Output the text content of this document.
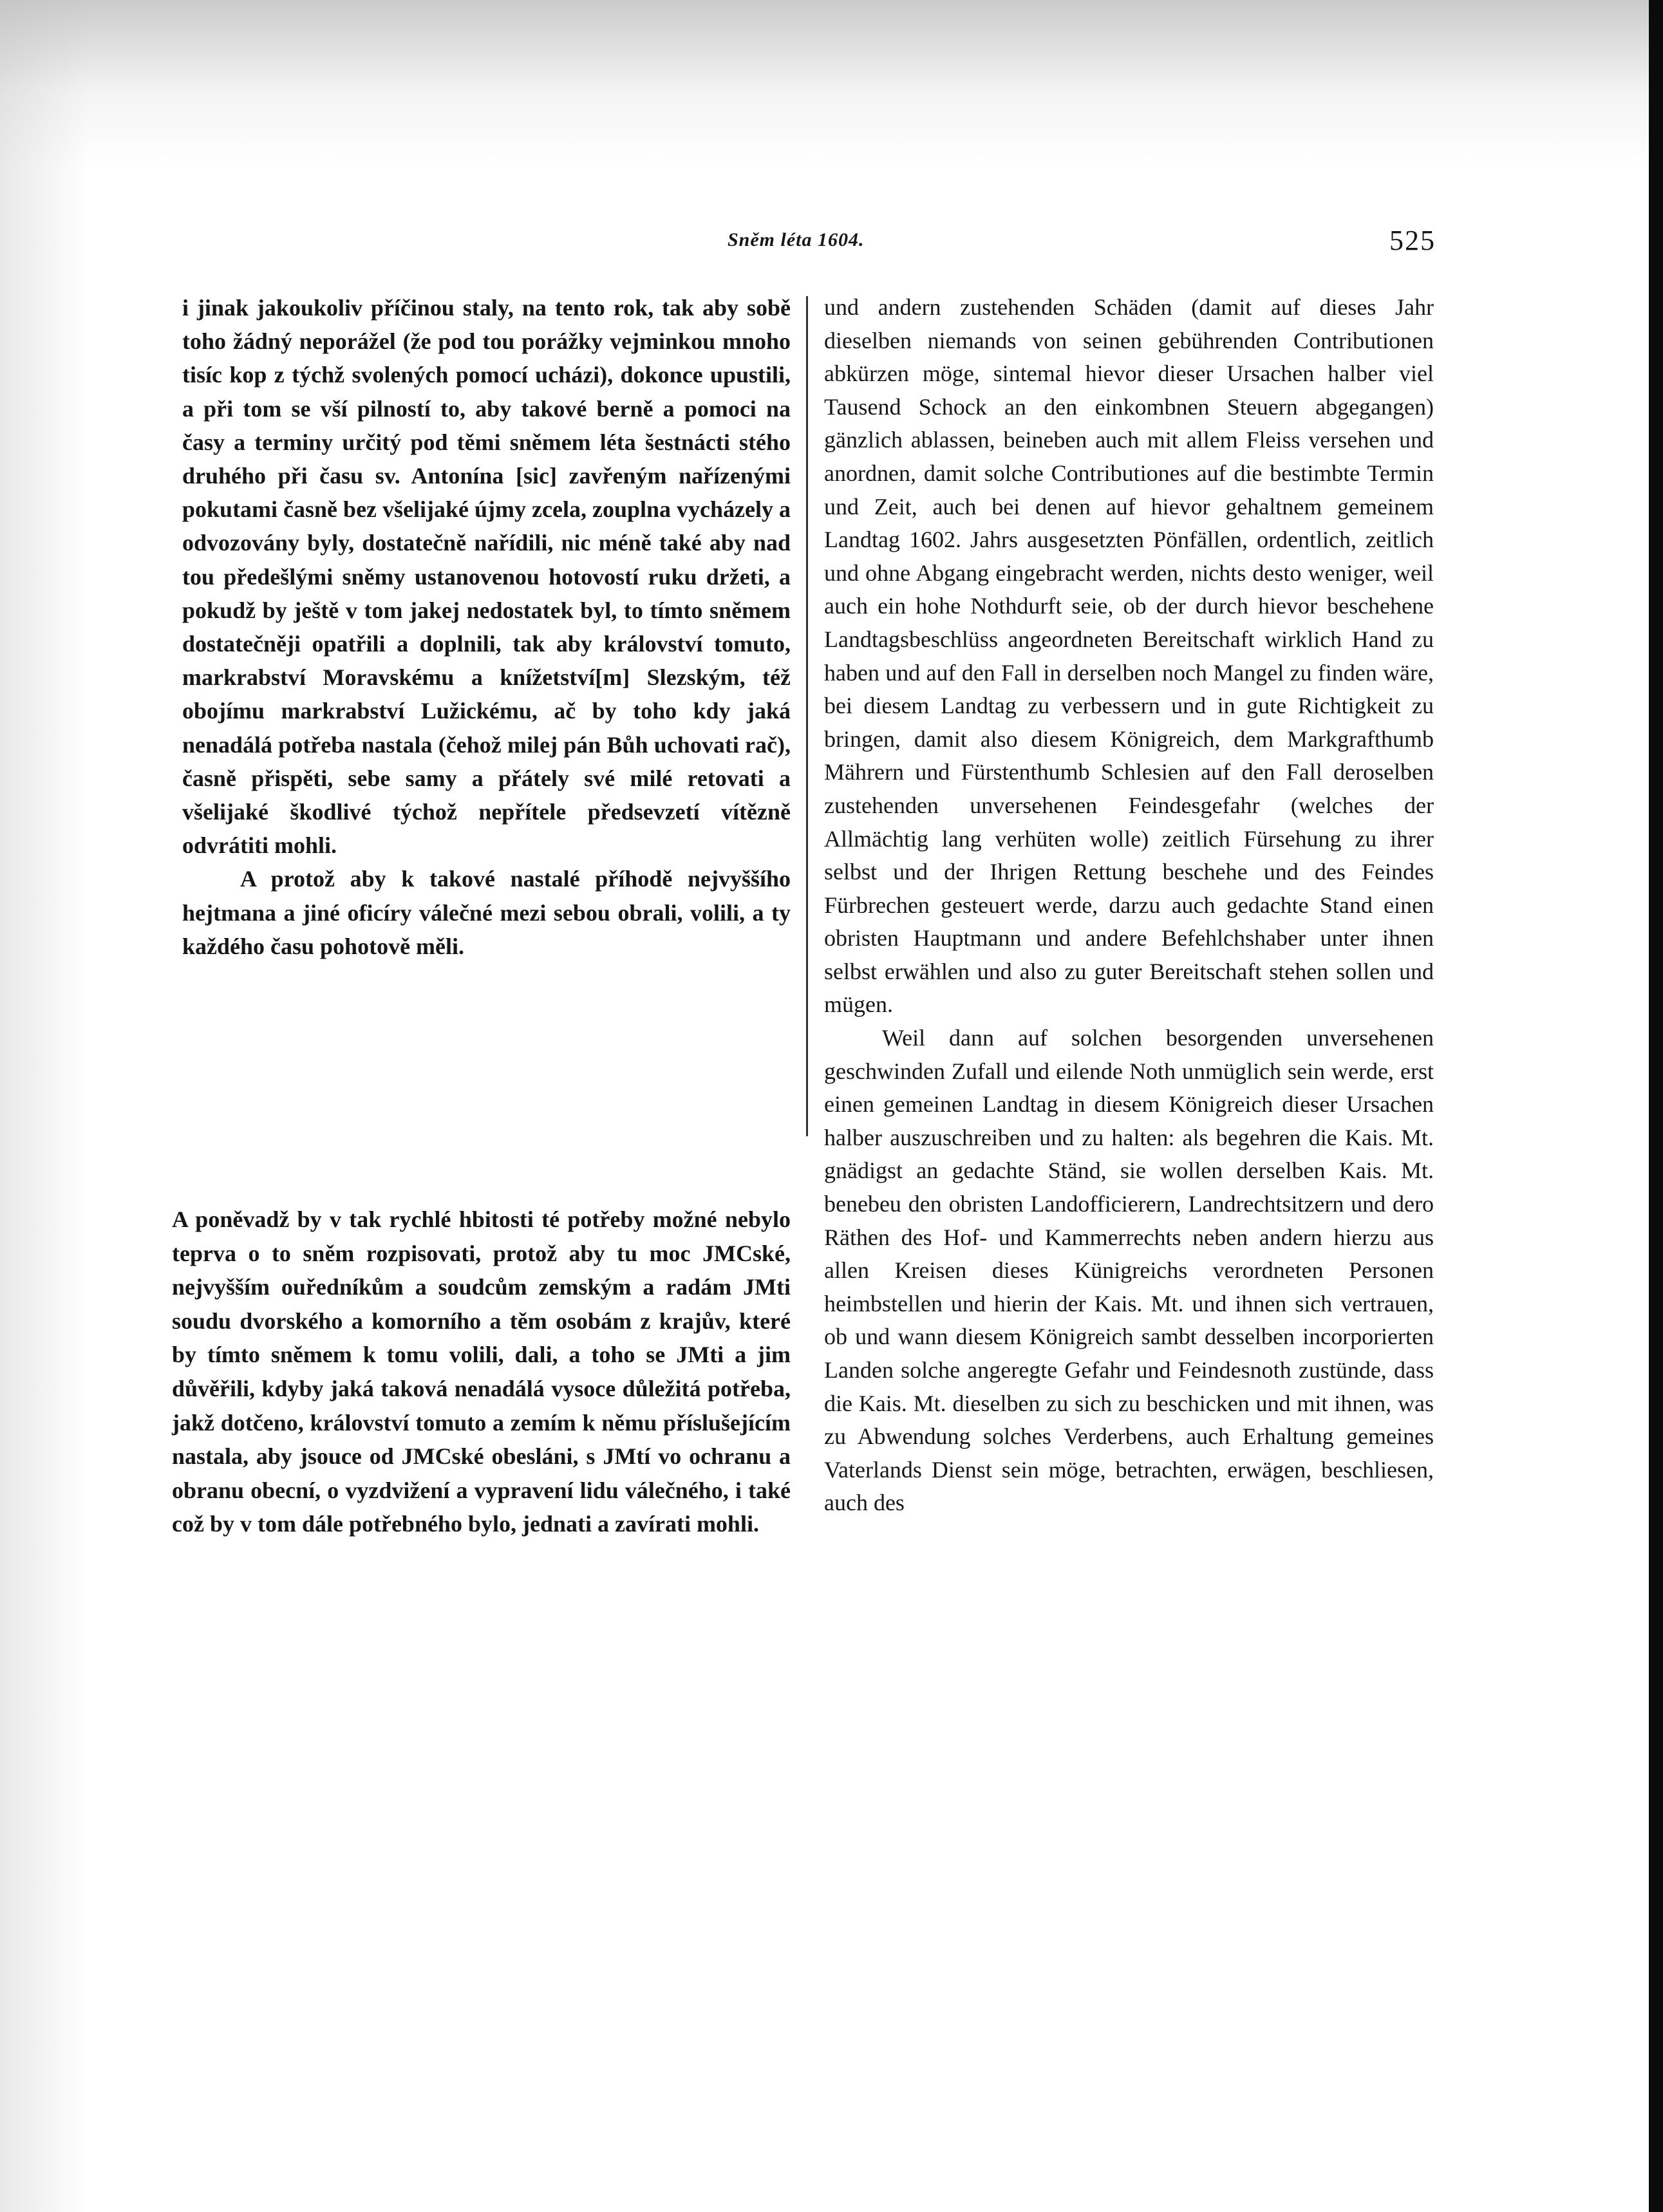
Sněm léta 1604.	525

i jinak jakoukoliv příčinou staly, na tento rok, tak aby sobě toho žádný neporážel (že pod tou porážky vejminkou mnoho tisíc kop z týchž svolených pomocí ucházi), dokonce upustili, a při tom se vší pilností to, aby takové berně a pomoci na časy a terminy určitý pod těmi sněmem léta šestnácti stého druhého při času sv. Antonína [sic] zavřeným nařízenými pokutami časně bez všelijaké újmy zcela, zouplna vycházely a odvozovány byly, dostatečně nařídili, nic méně také aby nad tou předešlými sněmy ustanovenou hotovostí ruku držeti, a pokudž by ještě v tom jakej nedostatek byl, to tímto sněmem dostatečněji opatřili a doplnili, tak aby království tomuto, markrabství Moravskému a knížetství[m] Slezským, též obojímu markrabství Lužickému, ač by toho kdy jaká nenadálá potřeba nastala (čehož milej pán Bůh uchovati rač), časně přispěti, sebe samy a přátely své milé retovati a všelijaké škodlivé týchož nepřítele předsevzetí vítězně odvrátiti mohli.

A protož aby k takové nastalé příhodě nejvyššího hejtmana a jiné oficíry válečné mezi sebou obrali, volili, a ty každého času pohotově měli.

A poněvadž by v tak rychlé hbitosti té potřeby možné nebylo teprva o to sněm rozpisovati, protož aby tu moc JMCské, nejvyšším ouředníkům a soudcům zemským a radám JMti soudu dvorského a komorního a těm osobám z krajův, které by tímto sněmem k tomu volili, dali, a toho se JMti a jim důvěřili, kdyby jaká taková nenadálá vysoce důležitá potřeba, jakž dotčeno, království tomuto a zemím k němu příslušejícím nastala, aby jsouce od JMCské obesláni, s JMtí vo ochranu a obranu obecní, o vyzdvižení a vypravení lidu válečného, i také což by v tom dále potřebného bylo, jednati a zavírati mohli.

und andern zustehenden Schäden (damit auf dieses Jahr dieselben niemands von seinen gebührenden Contributionen abkürzen möge, sintemal hievor dieser Ursachen halber viel Tausend Schock an den einkombnen Steuern abgegangen) gänzlich ablassen, beineben auch mit allem Fleiss versehen und anordnen, damit solche Contributiones auf die bestimbte Termin und Zeit, auch bei denen auf hievor gehaltnem gemeinem Landtag 1602. Jahrs ausgesetzten Pönfällen, ordentlich, zeitlich und ohne Abgang eingebracht werden, nichts desto weniger, weil auch ein hohe Nothdurft seie, ob der durch hievor beschehene Landtagsbeschlüss angeordneten Bereitschaft wirklich Hand zu haben und auf den Fall in derselben noch Mangel zu finden wäre, bei diesem Landtag zu verbessern und in gute Richtigkeit zu bringen, damit also diesem Königreich, dem Markgrafthumb Mährern und Fürstenthumb Schlesien auf den Fall deroselben zustehenden unversehenen Feindesgefahr (welches der Allmächtig lang verhüten wolle) zeitlich Fürsehung zu ihrer selbst und der Ihrigen Rettung beschehe und des Feindes Fürbrechen gesteuert werde, darzu auch gedachte Stand einen obristen Hauptmann und andere Befehlchshaber unter ihnen selbst erwählen und also zu guter Bereitschaft stehen sollen und mügen.

Weil dann auf solchen besorgenden unversehenen geschwinden Zufall und eilende Noth unmüglich sein werde, erst einen gemeinen Landtag in diesem Königreich dieser Ursachen halber auszuschreiben und zu halten: als begehren die Kais. Mt. gnädigst an gedachte Ständ, sie wollen derselben Kais. Mt. benebeu den obristen Landofficierern, Landrechtsitzern und dero Räthen des Hof- und Kammerrechts neben andern hierzu aus allen Kreisen dieses Künigreichs verordneten Personen heimbstellen und hierin der Kais. Mt. und ihnen sich vertrauen, ob und wann diesem Königreich sambt desselben incorporierten Landen solche angeregte Gefahr und Feindesnoth zustünde, dass die Kais. Mt. dieselben zu sich zu beschicken und mit ihnen, was zu Abwendung solches Verderbens, auch Erhaltung gemeines Vaterlands Dienst sein möge, betrachten, erwägen, beschliesen, auch des
